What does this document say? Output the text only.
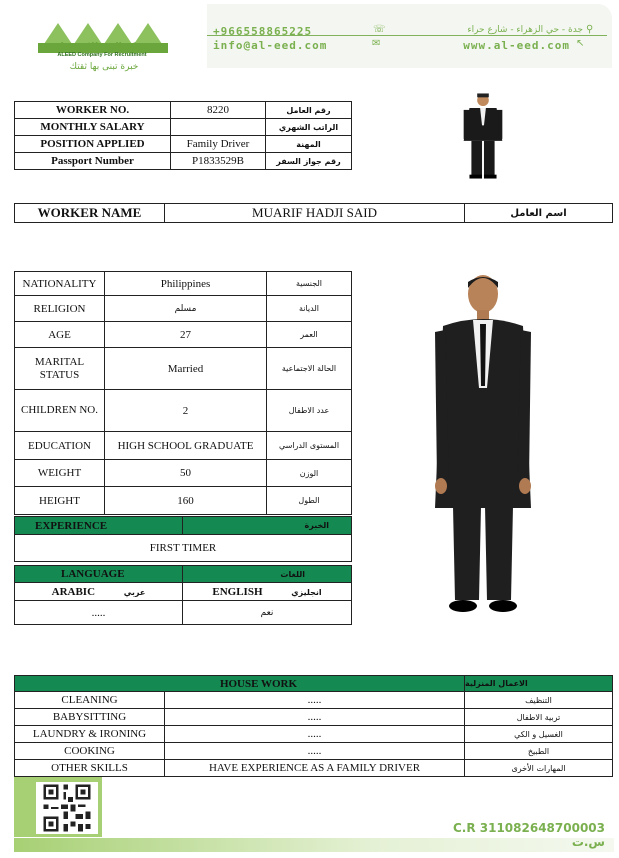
شركة العيد للاستقدام
ALEED Company For Recruitment
خبرة تبنى بها ثقتك
+966558865225	☏	جدة - حي الزهراء - شارع حراء ⚲
info@al-eed.com	✉	www.al-eed.com ↖
WORKER NO.	8220	رقم العامل
MONTHLY SALARY		الراتب الشهري
POSITION APPLIED	Family Driver	المهنة
Passport Number	P1833529B	رقم جواز السفر
WORKER NAME	MUARIF HADJI SAID	اسم العامل
NATIONALITY	Philippines	الجنسية
RELIGION	مسلم	الديانة
AGE	27	العمر
MARITAL STATUS	Married	الحالة الاجتماعية
CHILDREN NO.	2	عدد الاطفال
EDUCATION	HIGH SCHOOL GRADUATE	المستوى الدراسي
WEIGHT	50	الوزن
HEIGHT	160	الطول
EXPERIENCE	الخبرة
FIRST TIMER
LANGUAGE	اللغات
ARABIC عربي	ENGLISH انجليزي
.....	نعم
HOUSE WORK		الاعمال المنزلية
CLEANING	.....	التنظيف
BABYSITTING	.....	تربية الاطفال
LAUNDRY & IRONING	.....	الغسيل و الكي
COOKING	.....	الطبيخ
OTHER SKILLS	HAVE EXPERIENCE AS A FAMILY DRIVER	المهارات الأخرى
C.R 311082648700003 س.ت
